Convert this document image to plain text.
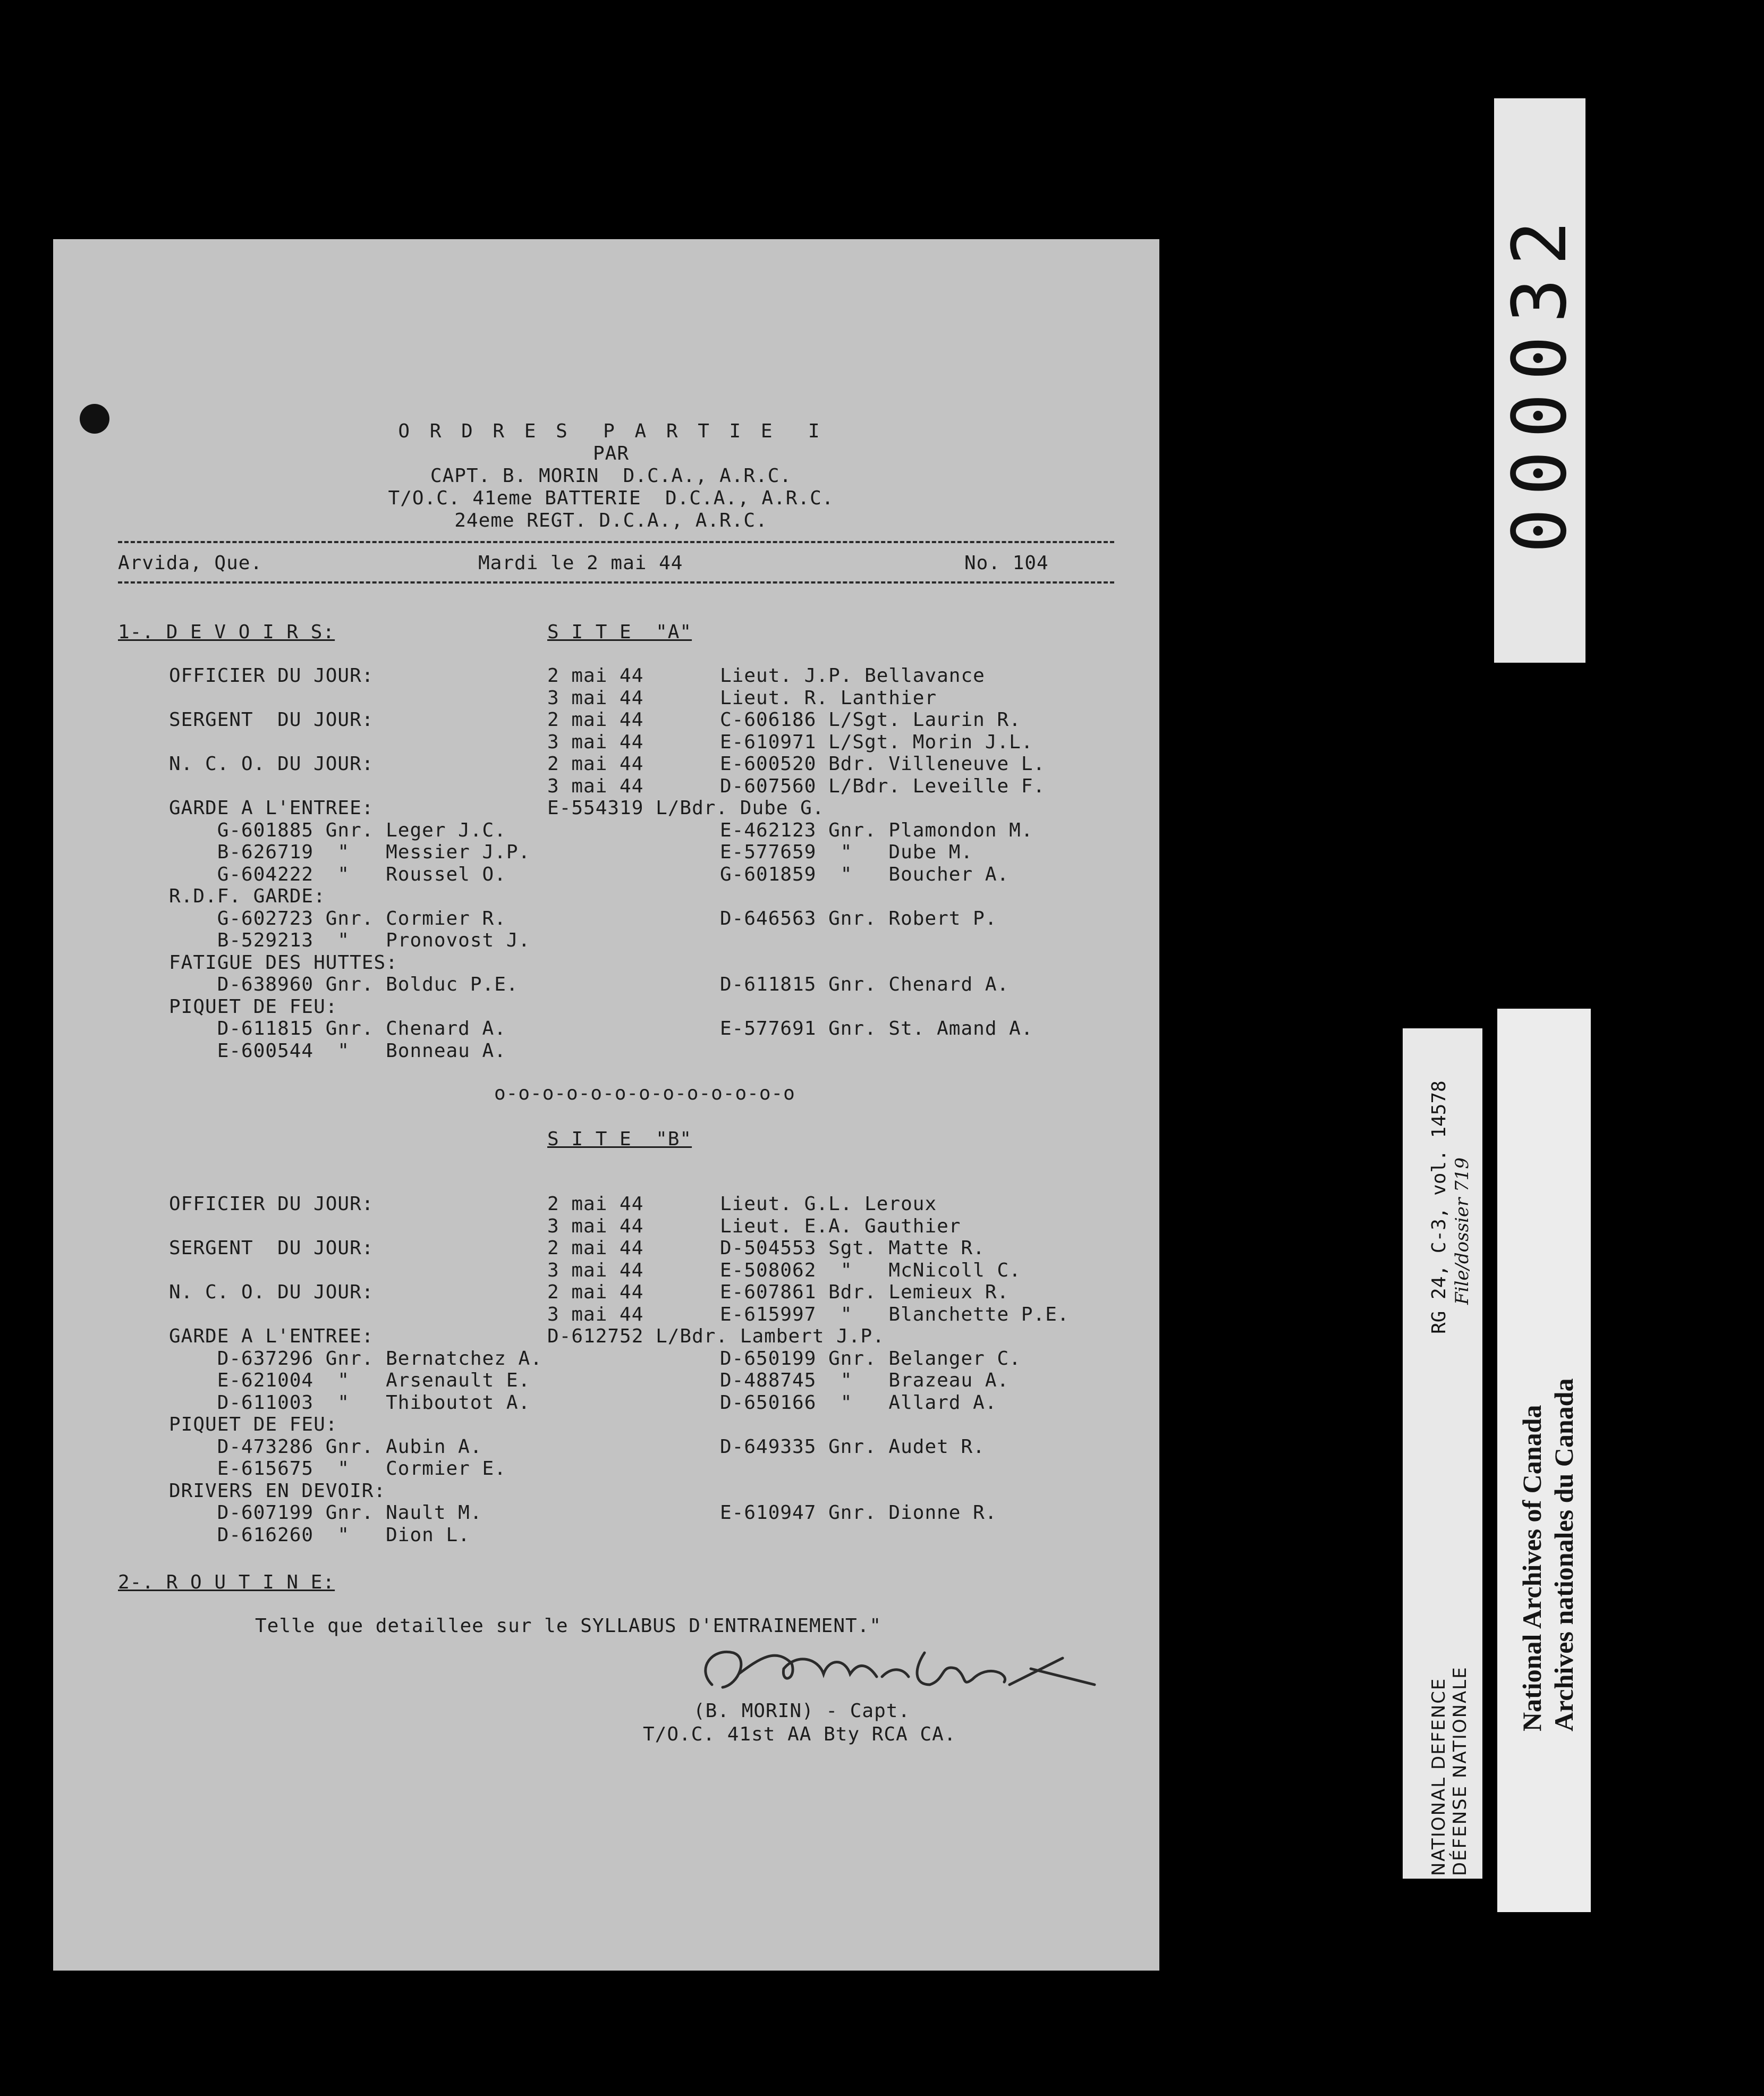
O R D R E S  P A R T I E  I
PAR
CAPT. B. MORIN  D.C.A., A.R.C.
T/O.C. 41eme BATTERIE  D.C.A., A.R.C.
24eme REGT. D.C.A., A.R.C.
Arvida, Que.	Mardi le 2 mai 44	No. 104
1-. D E V O I R S:	S I T E  "A"
OFFICIER DU JOUR:	2 mai 44	Lieut. J.P. Bellavance
3 mai 44	Lieut. R. Lanthier
SERGENT  DU JOUR:	2 mai 44	C-606186 L/Sgt. Laurin R.
3 mai 44	E-610971 L/Sgt. Morin J.L.
N. C. O. DU JOUR:	2 mai 44	E-600520 Bdr. Villeneuve L.
3 mai 44	D-607560 L/Bdr. Leveille F.
GARDE A L'ENTREE:	E-554319 L/Bdr. Dube G.
G-601885 Gnr. Leger J.C.	E-462123 Gnr. Plamondon M.
B-626719  "   Messier J.P.	E-577659  "   Dube M.
G-604222  "   Roussel O.	G-601859  "   Boucher A.
R.D.F. GARDE:
G-602723 Gnr. Cormier R.	D-646563 Gnr. Robert P.
B-529213  "   Pronovost J.
FATIGUE DES HUTTES:
D-638960 Gnr. Bolduc P.E.	D-611815 Gnr. Chenard A.
PIQUET DE FEU:
D-611815 Gnr. Chenard A.	E-577691 Gnr. St. Amand A.
E-600544  "   Bonneau A.
o-o-o-o-o-o-o-o-o-o-o-o-o
S I T E  "B"
OFFICIER DU JOUR:	2 mai 44	Lieut. G.L. Leroux
3 mai 44	Lieut. E.A. Gauthier
SERGENT  DU JOUR:	2 mai 44	D-504553 Sgt. Matte R.
3 mai 44	E-508062  "   McNicoll C.
N. C. O. DU JOUR:	2 mai 44	E-607861 Bdr. Lemieux R.
3 mai 44	E-615997  "   Blanchette P.E.
GARDE A L'ENTREE:	D-612752 L/Bdr. Lambert J.P.
D-637296 Gnr. Bernatchez A.	D-650199 Gnr. Belanger C.
E-621004  "   Arsenault E.	D-488745  "   Brazeau A.
D-611003  "   Thiboutot A.	D-650166  "   Allard A.
PIQUET DE FEU:
D-473286 Gnr. Aubin A.	D-649335 Gnr. Audet R.
E-615675  "   Cormier E.
DRIVERS EN DEVOIR:
D-607199 Gnr. Nault M.	E-610947 Gnr. Dionne R.
D-616260  "   Dion L.
2-. R O U T I N E:
Telle que detaillee sur le SYLLABUS D'ENTRAINEMENT."
(B. MORIN) - Capt.
T/O.C. 41st AA Bty RCA CA.
000032
NATIONAL DEFENCE DÉFENSE NATIONALE
RG 24, C-3, vol. 14578 File/dossier 719
National Archives of Canada Archives nationales du Canada
